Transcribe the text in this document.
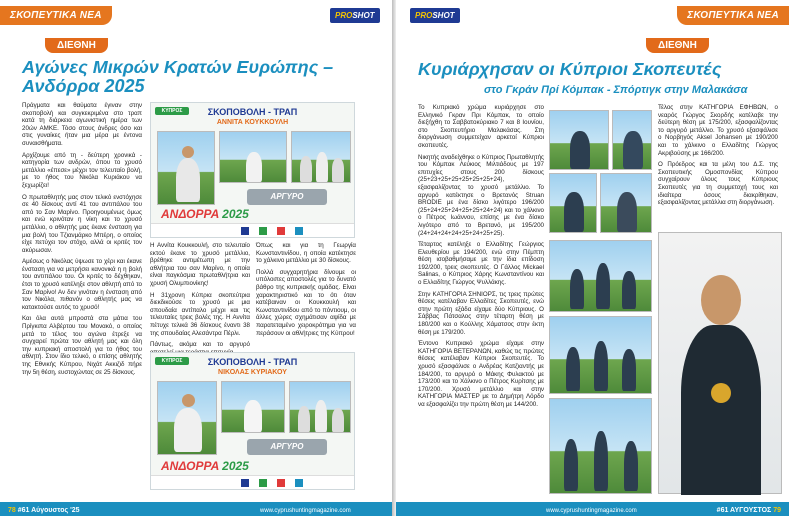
ΣΚΟΠΕΥΤΙΚΑ ΝΕΑ	PROSHOT
ΔΙΕΘΝΗ
Αγώνες Μικρών Κρατών Ευρώπης – Ανδόρρα 2025

Πράγματα και θαύματα έγιναν στην σκοποβολή και συγκεκριμένα στο τραπ κατά τη διάρκεια αγωνιστική ημέρα των 20ών ΑΜΚΕ. Τόσο στους άνδρες όσο και στις γυναίκες ήταν μια μέρα με έντονα συναισθήματα.

Αρχίζουμε από τη - δεύτερη χρονικά - κατηγορία των ανδρών, όπου το χρυσό μετάλλιο «έπεσε» μέχρι τον τελευταίο βολή, με το ήθος του Νικόλα Κυριάκου να ξεχωρίζει!

Ο πρωταθλητής μας στον τελικό ενστόχησε σε 40 δίσκους αντί 41 του αντιπάλου του από το Σαν Μαρίνο. Προηγουμένως όμως και ενώ κρινόταν η νίκη και το χρυσό μετάλλιο, ο αθλητής μας έκανε ένσταση για μια βολή του Τζιανμάρκο Μπέρη, ο οποίος είχε πετύχει τον στόχο, αλλά οι κριτές τον ακύρωσαν.

Αμέσως ο Νικόλας ύψωσε το χέρι και έκανε ένσταση για να μετρήσει κανονικά η η βολή του αντιπάλου του. Οι κριτές το δέχθηκαν, έτσι το χρυσό κατέληξε στον αθλητή από το Σαν Μαρίνο! Αν δεν γινόταν η ένσταση από τον Νικόλα, πιθανόν ο αθλητής μας να κατακτούσε αυτός το χρυσό!

Και όλα αυτά μπροστά στα μάτια του Πρίγκιπα Αλβέρτου του Μονακό, ο οποίος μετά το τέλος του αγώνα έτρεξε να συγχαρεί πρώτα τον αθλητή μας και όλη την κυπριακή αποστολή για το ήθος του αθλητή. Στον ίδιο τελικό, ο επίσης αθλητής της Εθνικής Κύπρου, Νιχάτ Ακκιζιδ πήρε την 5η θέση, ευστοχώντας σε 25 δίσκους.

ΣΚΟΠΟΒΟΛΗ - ΤΡΑΠ
ΑΝΝΙΤΑ ΚΟΥΚΚΟΥΛΗ
ΚΥΠΡΟΣ
ΑΡΓΥΡΟ
ΑΝΔΟΡΡΑ 2025

Η Αννίτα Κουκκουλή, στο τελευταίο εκτού έκανε το χρυσό μετάλλιο, βρέθηκε αντιμέτωπη με την αθλήτρια του σαν Μαρίνο, η οποία είναι παγκόσμια πρωταθλήτρια και χρυσή Ολυμπιονίκης!

Η 31χρονη Κύπρια σκοπεύτρια διεκδικούσε το χρυσό με μια σπουδαία αντίπαλο μέχρι και τις τελευταίες τρεις βολές της. Η Αννίτα πέτυχε τελικά 36 δίσκους έναντι 38 της σπουδαίας Αλεσάντρα Πέρλι.

Πάντως, ακόμα και το αργυρό

Όπως και για τη Γεωργία Κωνσταντινίδου, η οποία κατέκτησε το χάλκινο μετάλλιο με 30 δίσκους.

Πολλά συγχαρητήρια δίνουμε οι υπόλοιπες αποστολές για το δυνατό βάθρο της κυπριακής ομάδας. Είναι χαρακτηριστικό και το ότι όταν κατέβαιναν οι Κουκκουλή και Κωνσταντινίδου από το πόντιουμ, οι άλλες χώρες σχημάτισαν αψίδα με παρατεταμένο χειροκρότημα για να περάσουν οι αθλήτριες της Κύπρου!

ΣΚΟΠΟΒΟΛΗ - ΤΡΑΠ
ΝΙΚΟΛΑΣ ΚΥΡΙΑΚΟΥ
ΚΥΠΡΟΣ
ΑΡΓΥΡΟ
ΑΝΔΟΡΡΑ 2025
78 #61 Αύγουστος '25	www.cyprushuntingmagazine.com
PROSHOT	ΣΚΟΠΕΥΤΙΚΑ ΝΕΑ
ΔΙΕΘΝΗ
Κυριάρχησαν οι Κύπριοι Σκοπευτές
στο Γκράν Πρί Κόμπακ - Σπόρτιγκ στην Μαλακάσα

Το Κυπριακό χρώμα κυριάρχησε στο Ελληνικό Γκραν Πρι Κόμπακ, το οποίο διεξήχθη το Σαββατοκύριακο 7 και 8 Ιουνίου, στο Σκοπευτήριο Μαλακάσας. Στη διοργάνωση συμμετείχαν αρκετοί Κύπριοι σκοπευτές.

Νικητής αναδείχθηκε ο Κύπριος Πρωταθλητής του Κόμπακ Λεύκιος Μιλτιάδους με 197 επιτυχίες στους 200 δίσκους (25+23+25+25+25+25+25+24), εξασφαλίζοντας το χρυσό μετάλλιο. Το αργυρό κατέκτησε ο Βρετανός Struan BRODIE με ένα δίσκο λιγότερο 196/200 (25+24+25+24+25+25+24+24) και το χάλκινο ο Πέτρος Ιωάννου, επίσης με ένα δίσκο λιγότερο από το Βρετανό, με 195/200 (24+24+24+24+25+24+25+25).

Τέταρτος κατέληξε ο Ελλαδίτης Γεώργιος Ελευθερίου με 194/200, ενώ στην Πέμπτη θέση ισοβαθμήσαμε με την ίδια επίδοση 192/200, τρεις σκοπευτές. Ο Γάλλος Mickael Salinas, ο Κύπριος Χάρης Κωνσταντίνου και ο Ελλαδίτης Γιώργος Ψυλλάκης.

Στην ΚΑΤΗΓΟΡΙΑ ΣΗΝΙΟΡΣ, τις τρεις πρώτες θέσεις κατέλαβαν Ελλαδίτες Σκοπευτές, ενώ στην πρώτη εξάδα είχαμε δύο Κύπριους. Ο Σάββας Πάτσαλος στην τέταρτη θέση με 180/200 και ο Κούλλης Χάματσος στην έκτη θέση με 179/200.

Έντονο Κυπριακό χρώμα είχαμε στην ΚΑΤΗΓΟΡΙΑ ΒΕΤΕΡΑΝΩΝ, καθώς τις πρώτες θέσεις κατέλαβαν Κύπριοι Σκοπευτές. Το χρυσό εξασφάλισε ο Ανδρέας Κατζιαντής με 184/200, το αργυρό ο Μάκης Φυλακτού με 173/200 και το Χάλκινο ο Πέτρος Κυρίτσης με 170/200. Χρυσό μετάλλιο και στην ΚΑΤΗΓΟΡΙΑ ΜΑΣΤΕΡ με το Δημήτρη Λόρδο να εξασφαλίζει την πρώτη θέση με 144/200.

Τέλος στην ΚΑΤΗΓΟΡΙΑ ΕΦΗΒΩΝ, ο νεαρός Γιώργος Σκορδής κατέλαβε την δεύτερη θέση με 175/200, εξασφαλίζοντας το αργυρό μετάλλιο. Το χρυσό εξασφάλισε ο Νορβηγός Aksel Johansen με 190/200 και το χάλκινο ο Ελλαδίτης Γιώργος Ακριβούσης με 166/200.

Ο Πρόεδρος και τα μέλη του Δ.Σ. της Σκοπευτικής Ομοσπονδίας Κύπρου συγχαίρουν όλους τους Κύπριους Σκοπευτές για τη συμμετοχή τους και ιδιαίτερα όσους διακρίθηκαν, εξασφαλίζοντας μετάλλια στη διοργάνωση.

www.cyprushuntingmagazine.com	#61 ΑΥΓΟΥΣΤΟΣ 79
